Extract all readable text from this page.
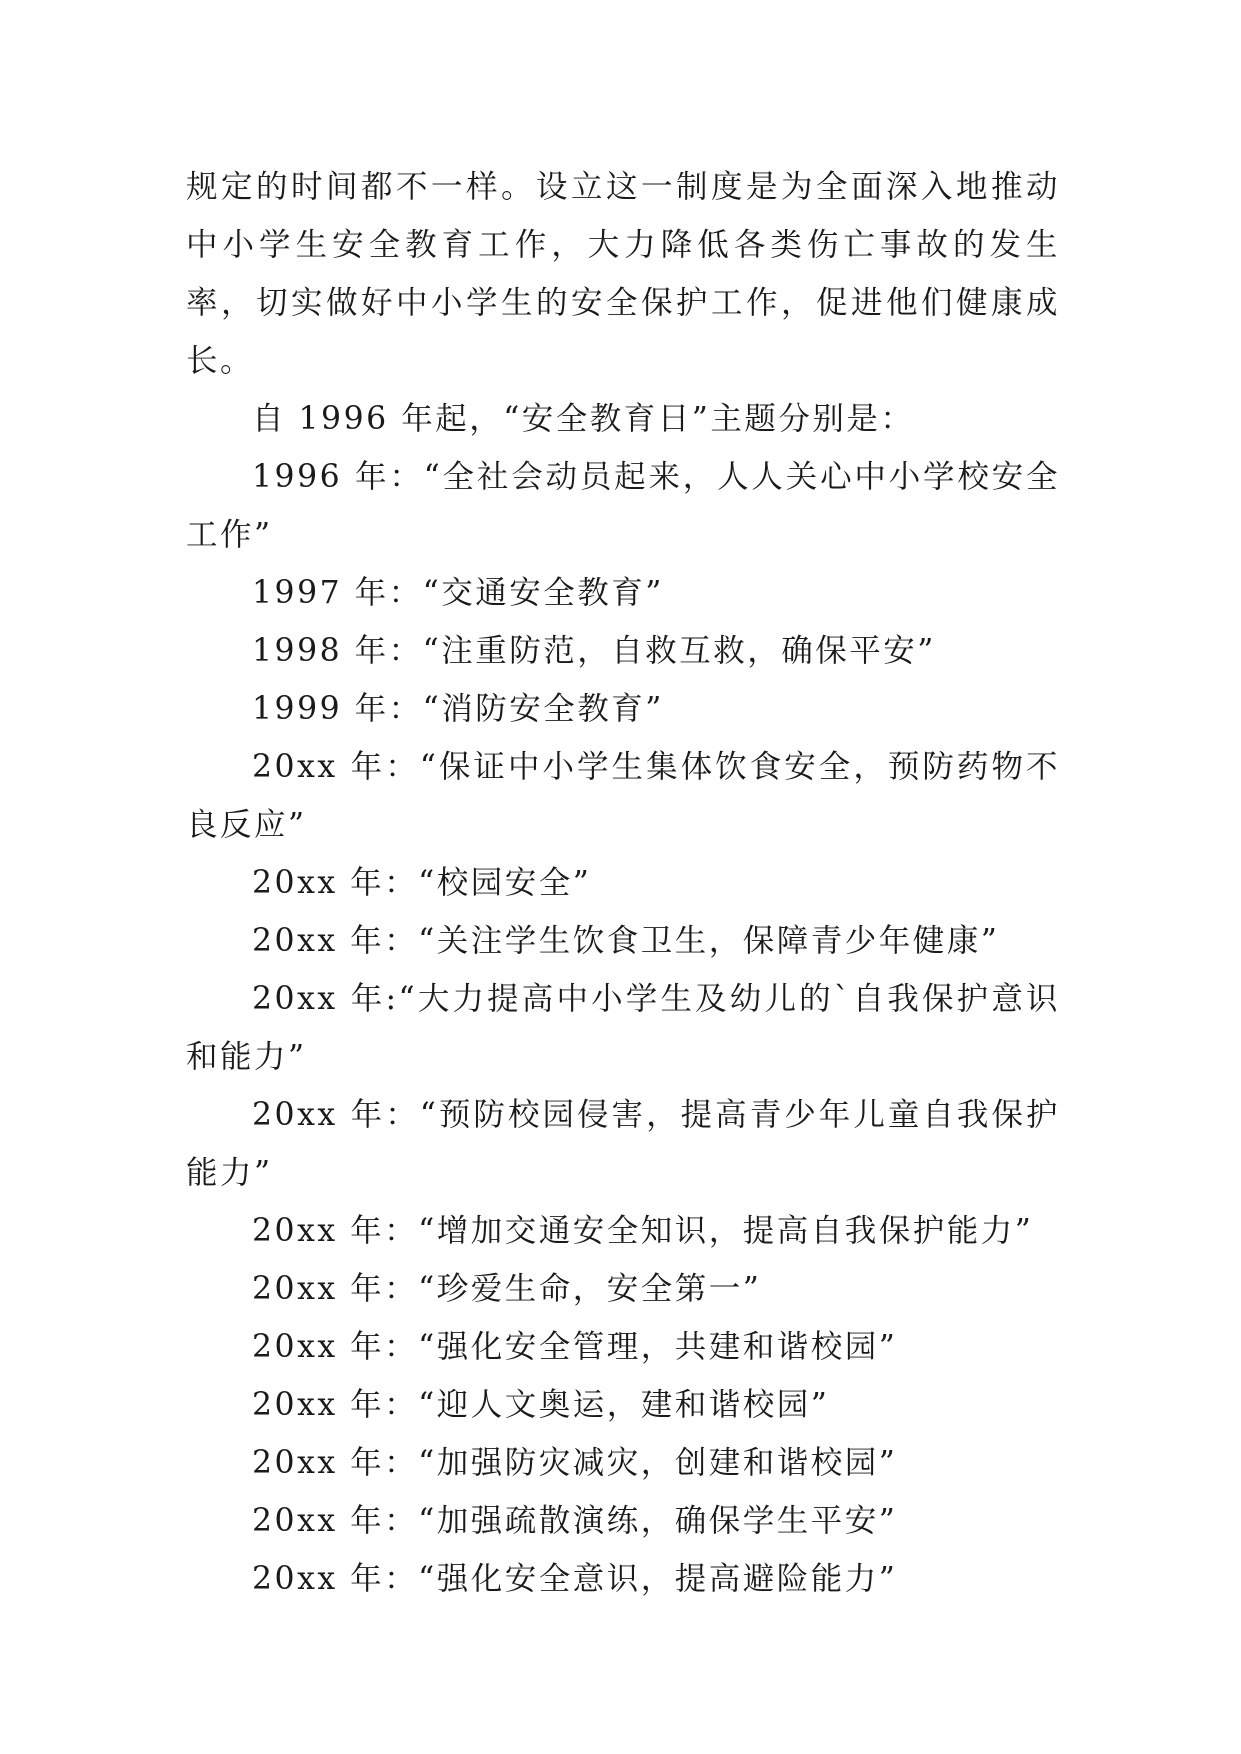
规定的时间都不一样。设立这一制度是为全面深入地推动中小学生安全教育工作，大力降低各类伤亡事故的发生率，切实做好中小学生的安全保护工作，促进他们健康成长。

自 1996 年起，“安全教育日”主题分别是：

1996 年：“全社会动员起来，人人关心中小学校安全工作”

1997 年：“交通安全教育”

1998 年：“注重防范，自救互救，确保平安”

1999 年：“消防安全教育”

20xx 年：“保证中小学生集体饮食安全，预防药物不良反应”

20xx 年：“校园安全”

20xx 年：“关注学生饮食卫生，保障青少年健康”

20xx 年:“大力提高中小学生及幼儿的`自我保护意识和能力”

20xx 年：“预防校园侵害，提高青少年儿童自我保护能力”

20xx 年：“增加交通安全知识，提高自我保护能力”

20xx 年：“珍爱生命，安全第一”

20xx 年：“强化安全管理，共建和谐校园”

20xx 年：“迎人文奥运，建和谐校园”

20xx 年：“加强防灾减灾，创建和谐校园”

20xx 年：“加强疏散演练，确保学生平安”

20xx 年：“强化安全意识，提高避险能力”
